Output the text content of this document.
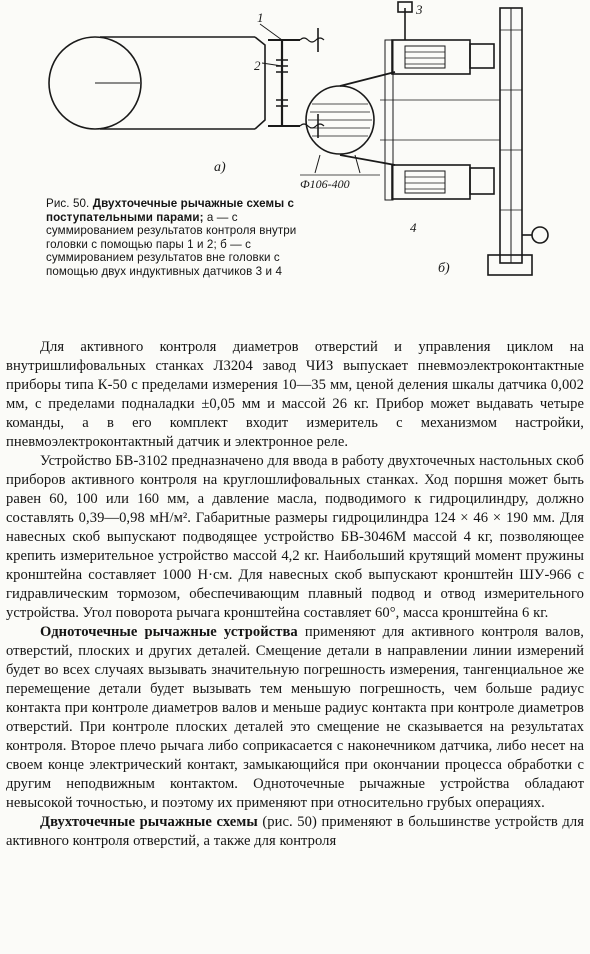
1
2
3
4
Ф106-400
а)
б)
Рис. 50. Двухточечные рычажные схемы с поступательными парами; а — с суммированием результатов контроля внутри головки с помощью пары 1 и 2; б — с суммированием результатов вне головки с помощью двух индуктивных датчиков 3 и 4

Для активного контроля диаметров отверстий и управления циклом на внутришлифовальных станках Л3204 завод ЧИЗ выпускает пневмоэлектроконтактные приборы типа К-50 с пределами измерения 10—35 мм, ценой деления шкалы датчика 0,002 мм, с пределами подналадки ±0,05 мм и массой 26 кг. Прибор может выдавать четыре команды, а в его комплект входит измеритель с механизмом настройки, пневмоэлектроконтактный датчик и электронное реле.

Устройство БВ-3102 предназначено для ввода в работу двухточечных настольных скоб приборов активного контроля на круглошлифовальных станках. Ход поршня может быть равен 60, 100 или 160 мм, а давление масла, подводимого к гидроцилиндру, должно составлять 0,39—0,98 мН/м². Габаритные размеры гидроцилиндра 124 × 46 × 190 мм. Для навесных скоб выпускают подводящее устройство БВ-3046М массой 4 кг, позволяющее крепить измерительное устройство массой 4,2 кг. Наибольший крутящий момент пружины кронштейна составляет 1000 Н·см. Для навесных скоб выпускают кронштейн ШУ-966 с гидравлическим тормозом, обеспечивающим плавный подвод и отвод измерительного устройства. Угол поворота рычага кронштейна составляет 60°, масса кронштейна 6 кг.

Одноточечные рычажные устройства применяют для активного контроля валов, отверстий, плоских и других деталей. Смещение детали в направлении линии измерений будет во всех случаях вызывать значительную погрешность измерения, тангенциальное же перемещение детали будет вызывать тем меньшую погрешность, чем больше радиус контакта при контроле диаметров валов и меньше радиус контакта при контроле диаметров отверстий. При контроле плоских деталей это смещение не сказывается на результатах контроля. Второе плечо рычага либо соприкасается с наконечником датчика, либо несет на своем конце электрический контакт, замыкающийся при окончании процесса обработки с другим неподвижным контактом. Одноточечные рычажные устройства обладают невысокой точностью, и поэтому их применяют при относительно грубых операциях.

Двухточечные рычажные схемы (рис. 50) применяют в большинстве устройств для активного контроля отверстий, а также для контроля
